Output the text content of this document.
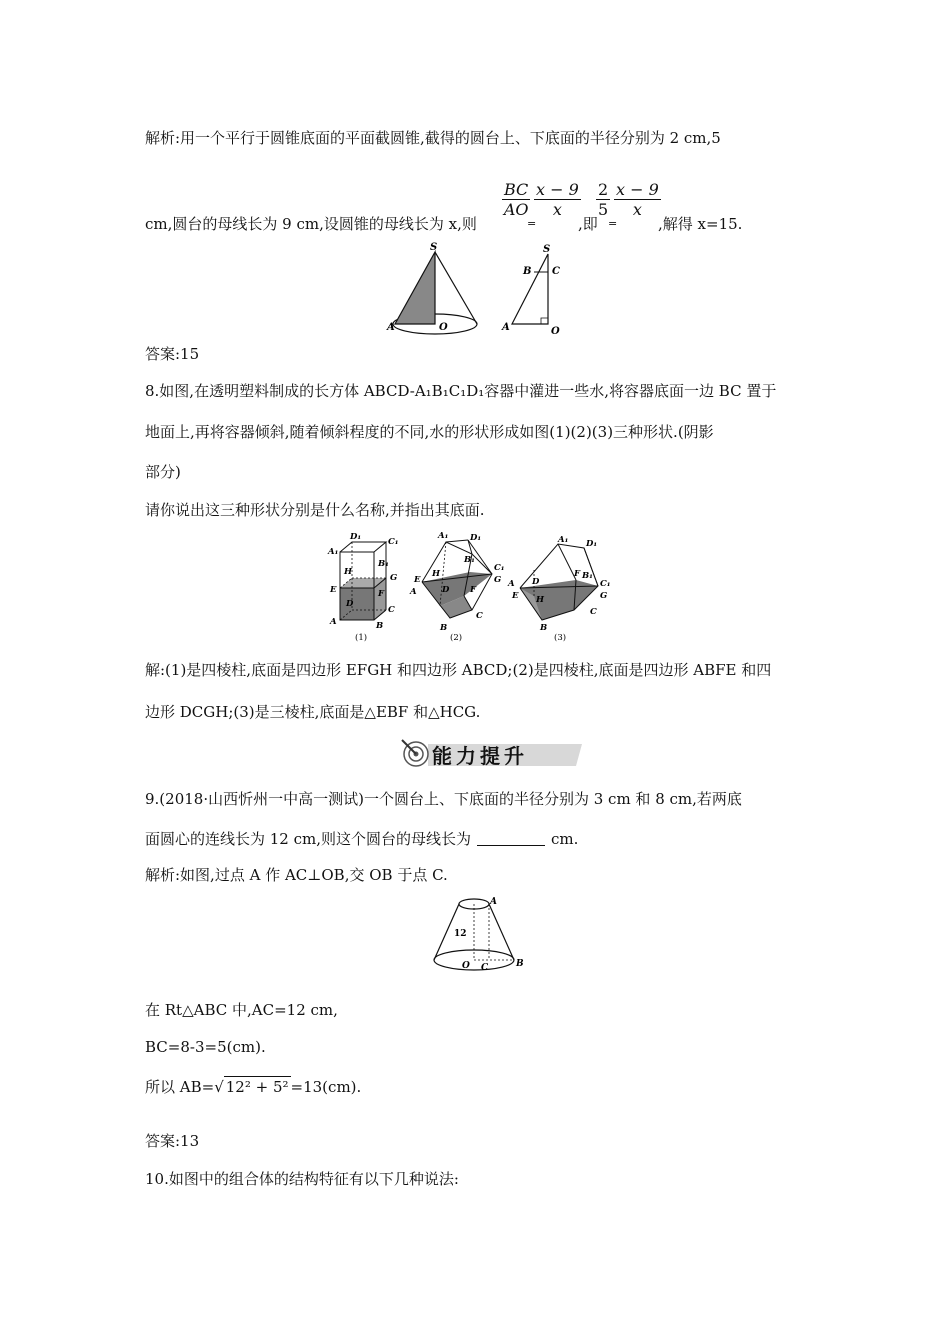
解析:用一个平行于圆锥底面的平面截圆锥,截得的圆台上、下底面的半径分别为 2 cm,5
cm,圆台的母线长为 9 cm,设圆锥的母线长为 x,则
$\frac{BC}{AO}$
=
$\frac{x - 9}{x}$
,即
$\frac{2}{5}$
=
$\frac{x - 9}{x}$
,解得 x=15.
S
A	O
S
B C
A	O
答案:15
8.如图,在透明塑料制成的长方体 ABCD-A₁B₁C₁D₁容器中灌进一些水,将容器底面一边 BC 置于
地面上,再将容器倾斜,随着倾斜程度的不同,水的形状形成如图(1)(2)(3)三种形状.(阴影
部分)
请你说出这三种形状分别是什么名称,并指出其底面.
D₁	C₁
A₁
B₁
H
G
E	F
D
C
A	B
(1)
A₁	D₁
B₁
C₁
H
G
E
F
D
A
C
B
(2)
A₁ D₁
D
F B₁
A	C₁
E H	G
C
B
(3)
解:(1)是四棱柱,底面是四边形 EFGH 和四边形 ABCD;(2)是四棱柱,底面是四边形 ABFE 和四
边形 DCGH;(3)是三棱柱,底面是△EBF 和△HCG.
能力提升
9.(2018·山西忻州一中高一测试)一个圆台上、下底面的半径分别为 3 cm 和 8 cm,若两底
面圆心的连线长为 12 cm,则这个圆台的母线长为	cm.
解析:如图,过点 A 作 AC⊥OB,交 OB 于点 C.
A
12
O C	B
在 Rt△ABC 中,AC=12 cm,
BC=8-3=5(cm).
所以 AB=√ 12² + 5² =13(cm).
答案:13
10.如图中的组合体的结构特征有以下几种说法:
